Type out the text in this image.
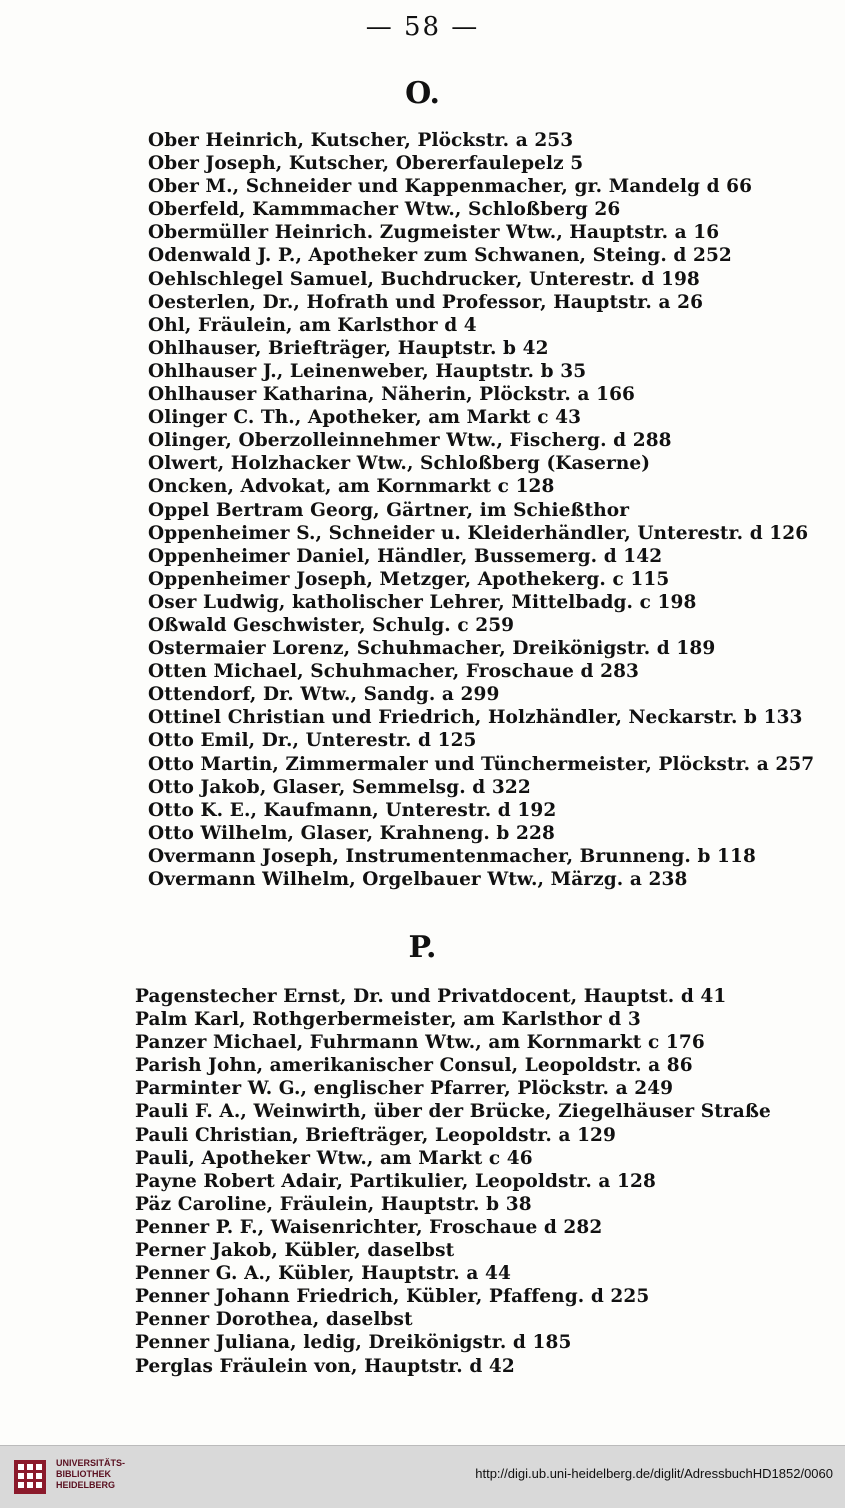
— 58 —
O.
Ober Heinrich, Kutscher, Plöckstr. a 253
Ober Joseph, Kutscher, Obererfaulepelz 5
Ober M., Schneider und Kappenmacher, gr. Mandelg d 66
Oberfeld, Kammmacher Wtw., Schloßberg 26
Obermüller Heinrich. Zugmeister Wtw., Hauptstr. a 16
Odenwald J. P., Apotheker zum Schwanen, Steing. d 252
Oehlschlegel Samuel, Buchdrucker, Unterestr. d 198
Oesterlen, Dr., Hofrath und Professor, Hauptstr. a 26
Ohl, Fräulein, am Karlsthor d 4
Ohlhauser, Briefträger, Hauptstr. b 42
Ohlhauser J., Leinenweber, Hauptstr. b 35
Ohlhauser Katharina, Näherin, Plöckstr. a 166
Olinger C. Th., Apotheker, am Markt c 43
Olinger, Oberzolleinnehmer Wtw., Fischerg. d 288
Olwert, Holzhacker Wtw., Schloßberg (Kaserne)
Oncken, Advokat, am Kornmarkt c 128
Oppel Bertram Georg, Gärtner, im Schießthor
Oppenheimer S., Schneider u. Kleiderhändler, Unterestr. d 126
Oppenheimer Daniel, Händler, Bussemerg. d 142
Oppenheimer Joseph, Metzger, Apothekerg. c 115
Oser Ludwig, katholischer Lehrer, Mittelbadg. c 198
Oßwald Geschwister, Schulg. c 259
Ostermaier Lorenz, Schuhmacher, Dreikönigstr. d 189
Otten Michael, Schuhmacher, Froschaue d 283
Ottendorf, Dr. Wtw., Sandg. a 299
Ottinel Christian und Friedrich, Holzhändler, Neckarstr. b 133
Otto Emil, Dr., Unterestr. d 125
Otto Martin, Zimmermaler und Tünchermeister, Plöckstr. a 257
Otto Jakob, Glaser, Semmelsg. d 322
Otto K. E., Kaufmann, Unterestr. d 192
Otto Wilhelm, Glaser, Krahneng. b 228
Overmann Joseph, Instrumentenmacher, Brunneng. b 118
Overmann Wilhelm, Orgelbauer Wtw., Märzg. a 238
P.
Pagenstecher Ernst, Dr. und Privatdocent, Hauptst. d 41
Palm Karl, Rothgerbermeister, am Karlsthor d 3
Panzer Michael, Fuhrmann Wtw., am Kornmarkt c 176
Parish John, amerikanischer Consul, Leopoldstr. a 86
Parminter W. G., englischer Pfarrer, Plöckstr. a 249
Pauli F. A., Weinwirth, über der Brücke, Ziegelhäuser Straße
Pauli Christian, Briefträger, Leopoldstr. a 129
Pauli, Apotheker Wtw., am Markt c 46
Payne Robert Adair, Partikulier, Leopoldstr. a 128
Päz Caroline, Fräulein, Hauptstr. b 38
Penner P. F., Waisenrichter, Froschaue d 282
Perner Jakob, Kübler, daselbst
Penner G. A., Kübler, Hauptstr. a 44
Penner Johann Friedrich, Kübler, Pfaffeng. d 225
Penner Dorothea, daselbst
Penner Juliana, ledig, Dreikönigstr. d 185
Perglas Fräulein von, Hauptstr. d 42
UNIVERSITÄTS-
BIBLIOTHEK
HEIDELBERG
http://digi.ub.uni-heidelberg.de/diglit/AdressbuchHD1852/0060
